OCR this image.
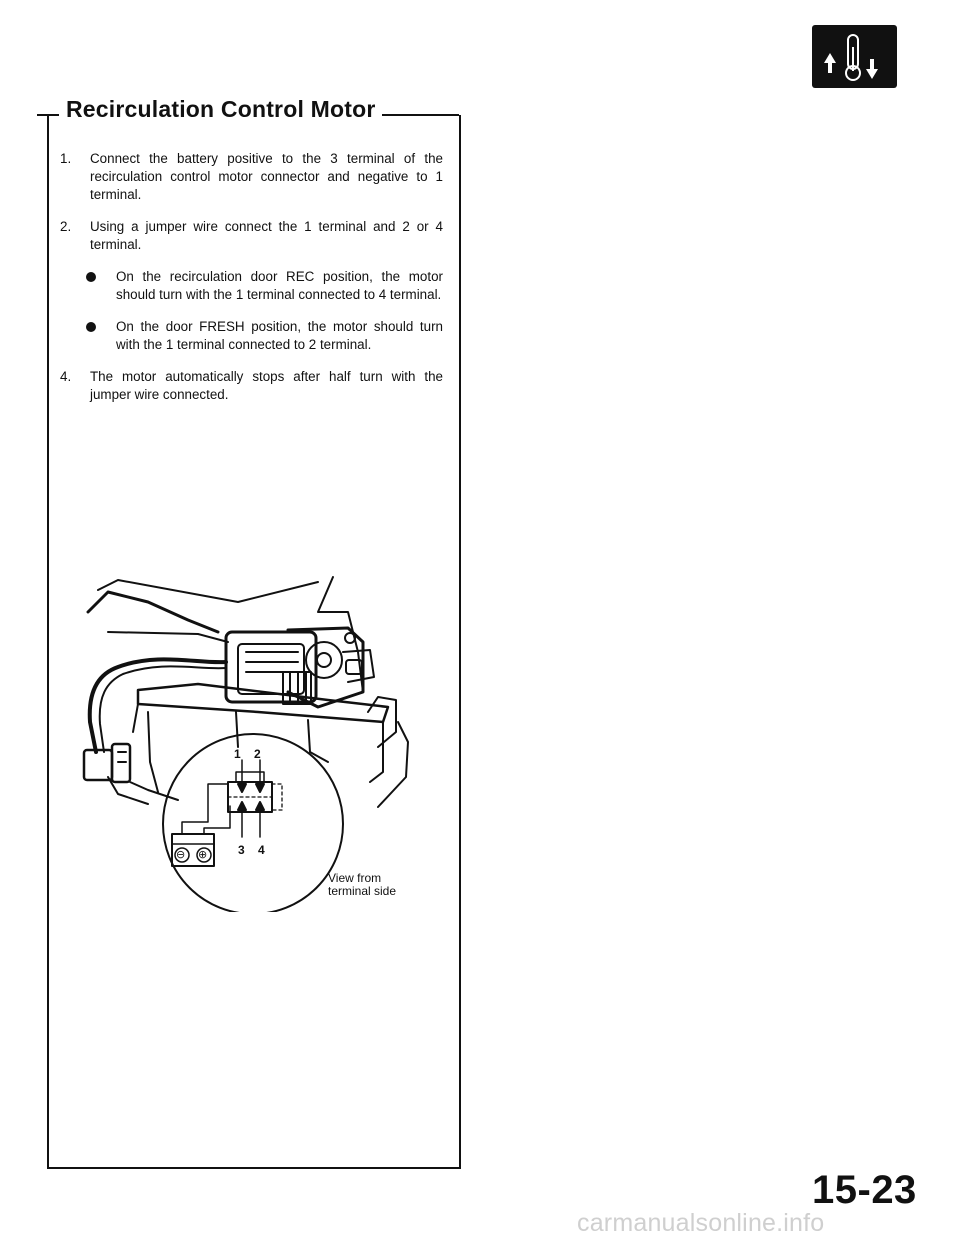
Recirculation Control Motor
1.	Connect the battery positive to the 3 terminal of the recirculation control motor connector and negative to 1 terminal.
2.	Using a jumper wire connect the 1 terminal and 2 or 4 terminal.
On the recirculation door REC position, the motor should turn with the 1 terminal connected to 4 terminal.
On the door FRESH position, the motor should turn with the 1 terminal connected to 2 terminal.
4.	The motor automatically stops after half turn with the jumper wire connected.
1 2
3 4
⊖ ⊕
View from
terminal side
15-23
carmanualsonline.info
